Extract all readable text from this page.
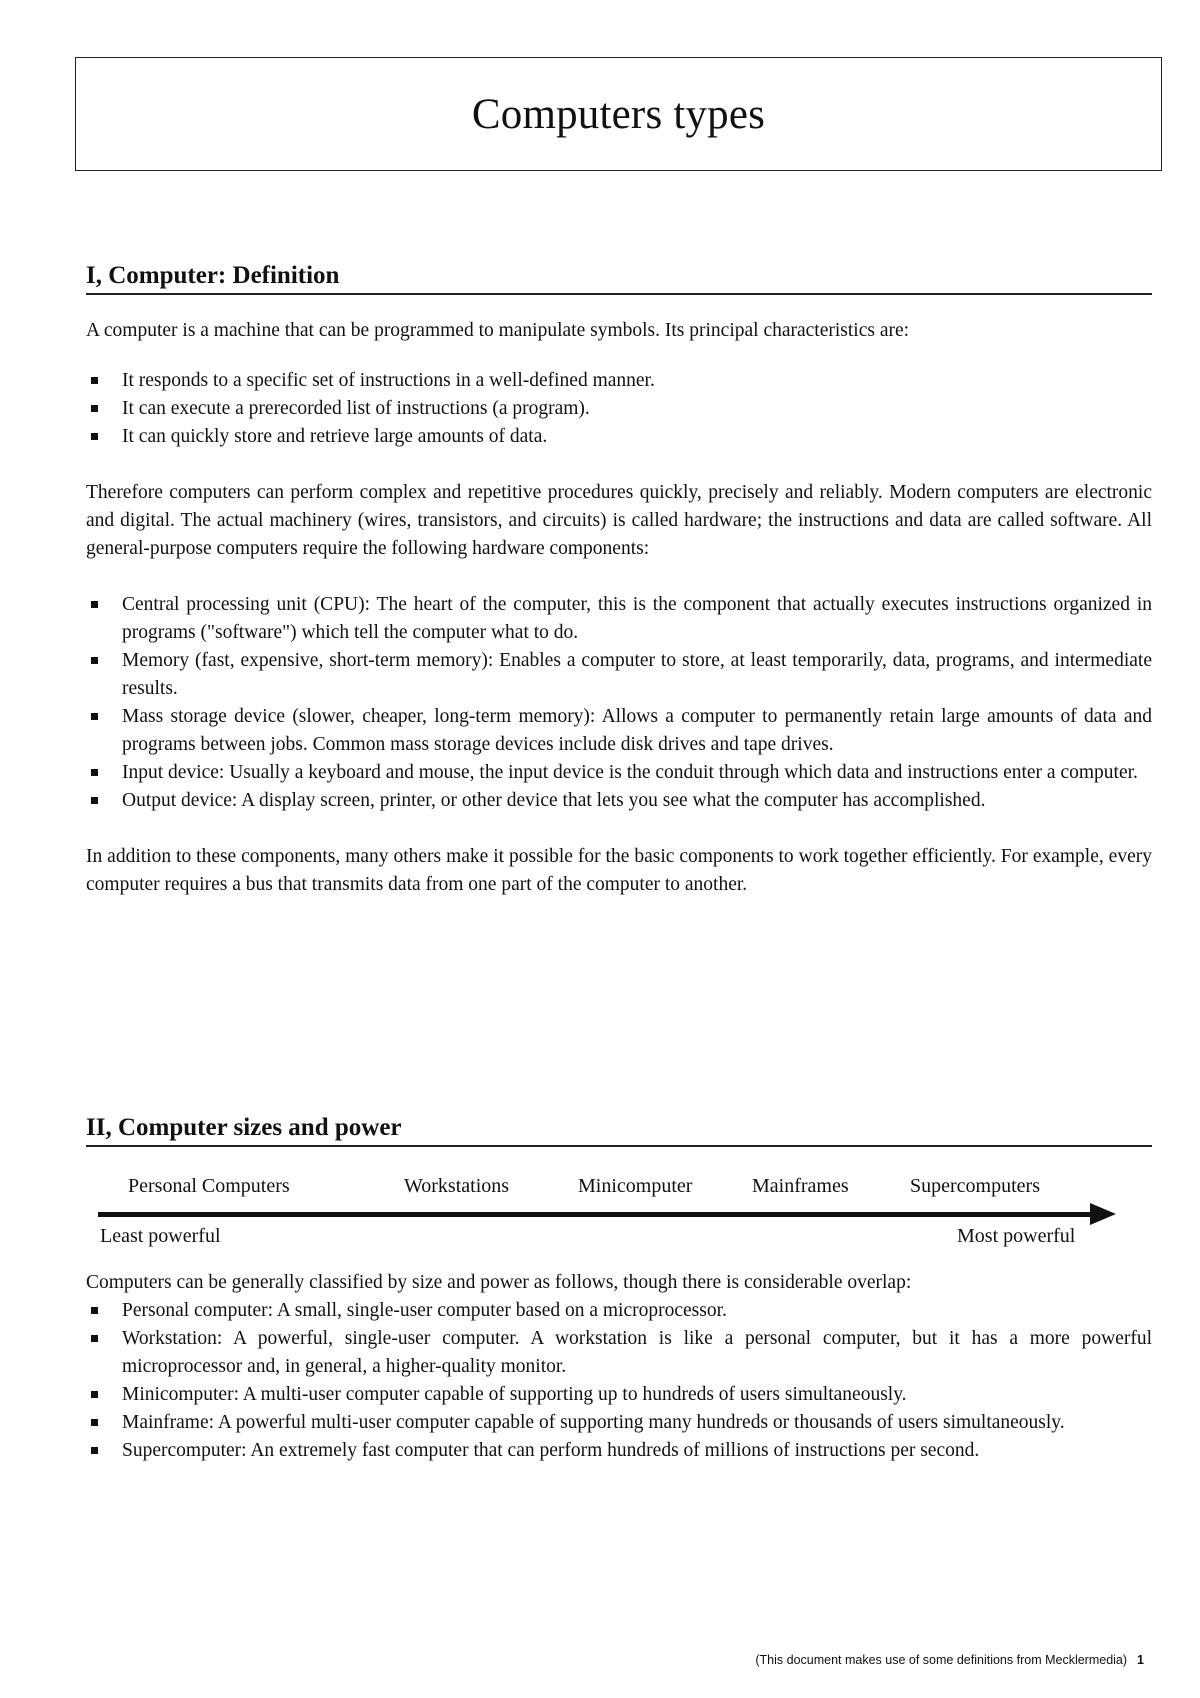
Computers types
I, Computer: Definition

A computer is a machine that can be programmed to manipulate symbols. Its principal characteristics are:

It responds to a specific set of instructions in a well-defined manner.
It can execute a prerecorded list of instructions (a program).
It can quickly store and retrieve large amounts of data.

Therefore computers can perform complex and repetitive procedures quickly, precisely and reliably. Modern computers are electronic and digital. The actual machinery (wires, transistors, and circuits) is called hardware; the instructions and data are called software. All general-purpose computers require the following hardware components:

Central processing unit (CPU): The heart of the computer, this is the component that actually executes instructions organized in programs ("software") which tell the computer what to do.
Memory (fast, expensive, short-term memory): Enables a computer to store, at least temporarily, data, programs, and intermediate results.
Mass storage device (slower, cheaper, long-term memory): Allows a computer to permanently retain large amounts of data and programs between jobs. Common mass storage devices include disk drives and tape drives.
Input device: Usually a keyboard and mouse, the input device is the conduit through which data and instructions enter a computer.
Output device: A display screen, printer, or other device that lets you see what the computer has accomplished.

In addition to these components, many others make it possible for the basic components to work together efficiently. For example, every computer requires a bus that transmits data from one part of the computer to another.

II, Computer sizes and power
Personal Computers	Workstations	Minicomputer	Mainframes	Supercomputers
Least powerful	Most powerful

Computers can be generally classified by size and power as follows, though there is considerable overlap:

Personal computer: A small, single-user computer based on a microprocessor.
Workstation: A powerful, single-user computer. A workstation is like a personal computer, but it has a more powerful microprocessor and, in general, a higher-quality monitor.
Minicomputer: A multi-user computer capable of supporting up to hundreds of users simultaneously.
Mainframe: A powerful multi-user computer capable of supporting many hundreds or thousands of users simultaneously.
Supercomputer: An extremely fast computer that can perform hundreds of millions of instructions per second.
(This document makes use of some definitions from Mecklermedia) 1
